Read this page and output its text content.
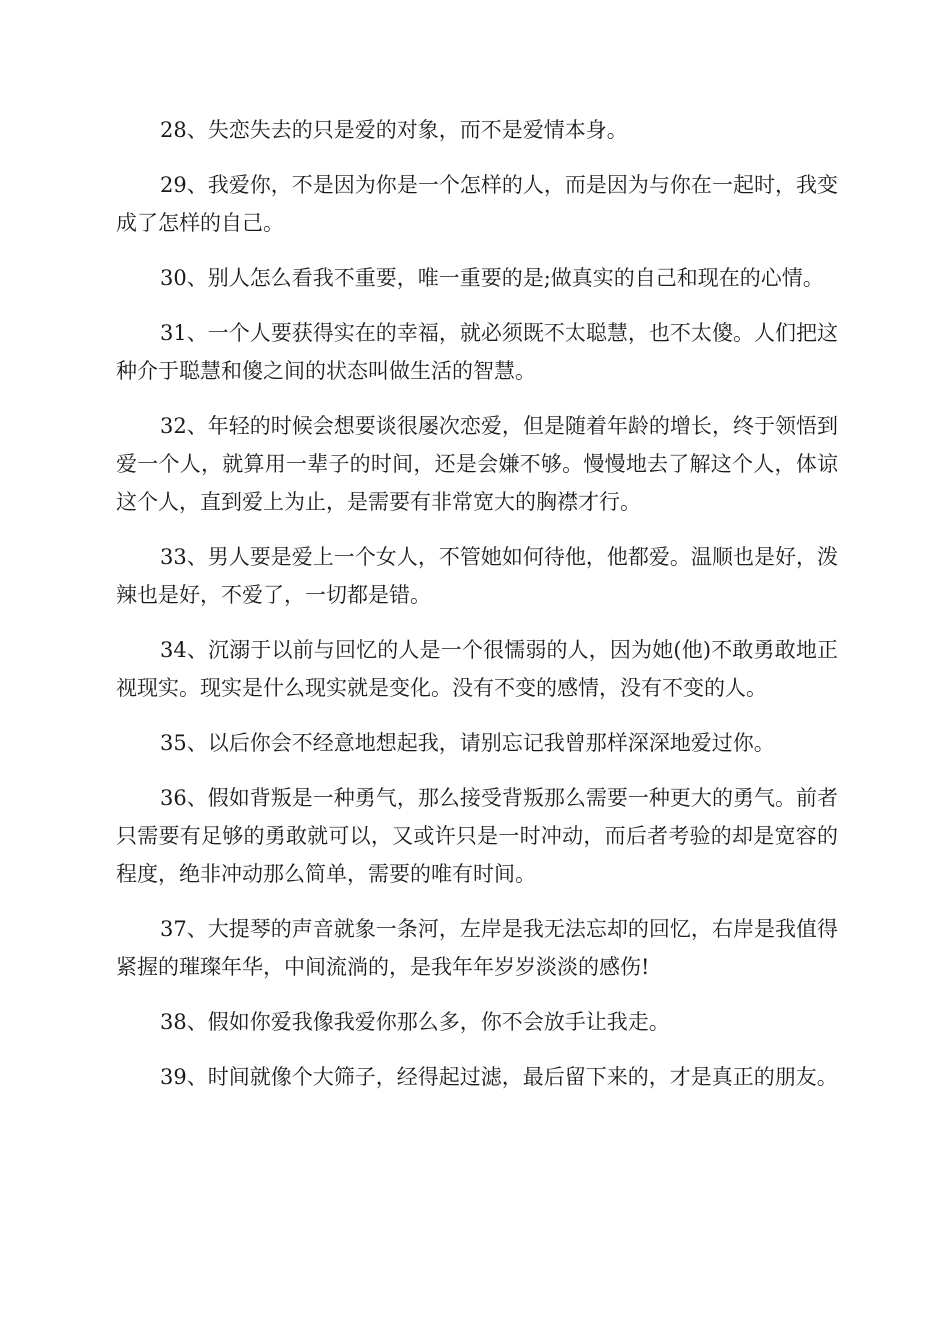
28、失恋失去的只是爱的对象，而不是爱情本身。

29、我爱你，不是因为你是一个怎样的人，而是因为与你在一起时，我变成了怎样的自己。

30、别人怎么看我不重要，唯一重要的是;做真实的自己和现在的心情。

31、一个人要获得实在的幸福，就必须既不太聪慧，也不太傻。人们把这种介于聪慧和傻之间的状态叫做生活的智慧。

32、年轻的时候会想要谈很屡次恋爱，但是随着年龄的增长，终于领悟到爱一个人，就算用一辈子的时间，还是会嫌不够。慢慢地去了解这个人，体谅这个人，直到爱上为止，是需要有非常宽大的胸襟才行。

33、男人要是爱上一个女人，不管她如何待他，他都爱。温顺也是好，泼辣也是好，不爱了，一切都是错。

34、沉溺于以前与回忆的人是一个很懦弱的人，因为她(他)不敢勇敢地正视现实。现实是什么现实就是变化。没有不变的感情，没有不变的人。

35、以后你会不经意地想起我，请别忘记我曾那样深深地爱过你。

36、假如背叛是一种勇气，那么接受背叛那么需要一种更大的勇气。前者只需要有足够的勇敢就可以，又或许只是一时冲动，而后者考验的却是宽容的程度，绝非冲动那么简单，需要的唯有时间。

37、大提琴的声音就象一条河，左岸是我无法忘却的回忆，右岸是我值得紧握的璀璨年华，中间流淌的，是我年年岁岁淡淡的感伤!

38、假如你爱我像我爱你那么多，你不会放手让我走。

39、时间就像个大筛子，经得起过滤，最后留下来的，才是真正的朋友。
